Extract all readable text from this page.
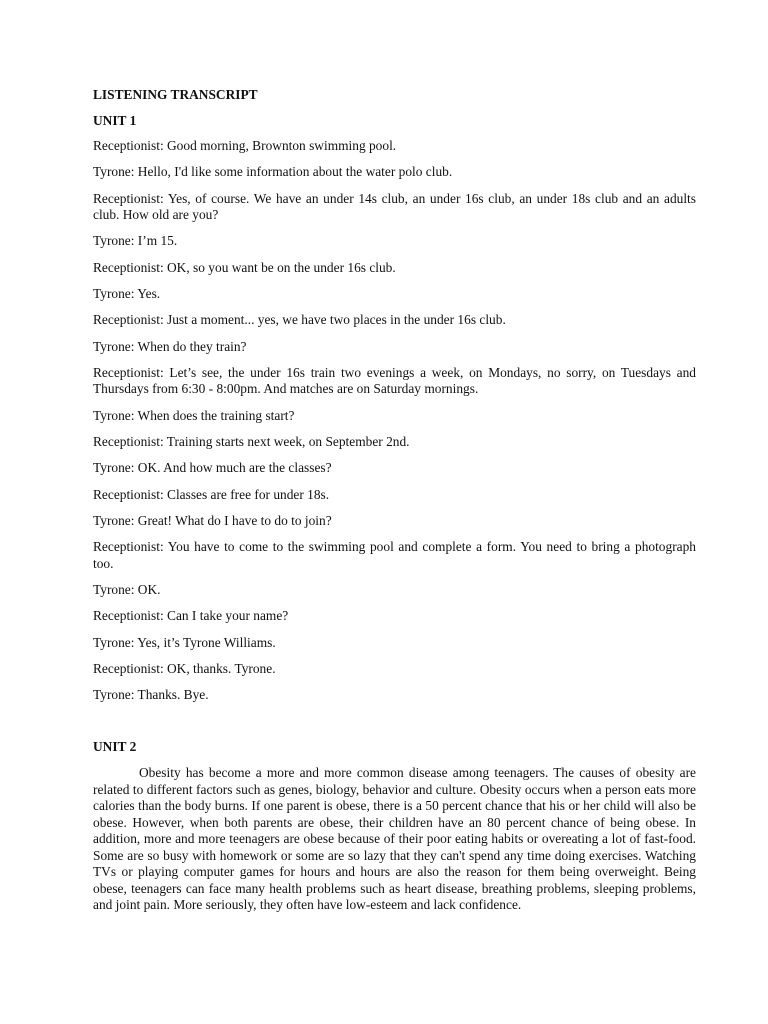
LISTENING TRANSCRIPT

UNIT 1

Receptionist: Good morning, Brownton swimming pool.

Tyrone: Hello, I'd like some information about the water polo club.

Receptionist: Yes, of course. We have an under 14s club, an under 16s club, an under 18s club and an adults club. How old are you?

Tyrone: I’m 15.

Receptionist: OK, so you want be on the under 16s club.

Tyrone: Yes.

Receptionist: Just a moment... yes, we have two places in the under 16s club.

Tyrone: When do they train?

Receptionist: Let’s see, the under 16s train two evenings a week, on Mondays, no sorry, on Tuesdays and Thursdays from 6:30 - 8:00pm. And matches are on Saturday mornings.

Tyrone: When does the training start?

Receptionist: Training starts next week, on September 2nd.

Tyrone: OK. And how much are the classes?

Receptionist: Classes are free for under 18s.

Tyrone: Great! What do I have to do to join?

Receptionist: You have to come to the swimming pool and complete a form. You need to bring a photograph too.

Tyrone: OK.

Receptionist: Can I take your name?

Tyrone: Yes, it’s Tyrone Williams.

Receptionist: OK, thanks. Tyrone.

Tyrone: Thanks. Bye.

UNIT 2

Obesity has become a more and more common disease among teenagers. The causes of obesity are related to different factors such as genes, biology, behavior and culture. Obesity occurs when a person eats more calories than the body burns. If one parent is obese, there is a 50 percent chance that his or her child will also be obese. However, when both parents are obese, their children have an 80 percent chance of being obese. In addition, more and more teenagers are obese because of their poor eating habits or overeating a lot of fast-food. Some are so busy with homework or some are so lazy that they can't spend any time doing exercises. Watching TVs or playing computer games for hours and hours are also the reason for them being overweight. Being obese, teenagers can face many health problems such as heart disease, breathing problems, sleeping problems, and joint pain. More seriously, they often have low-esteem and lack confidence.
